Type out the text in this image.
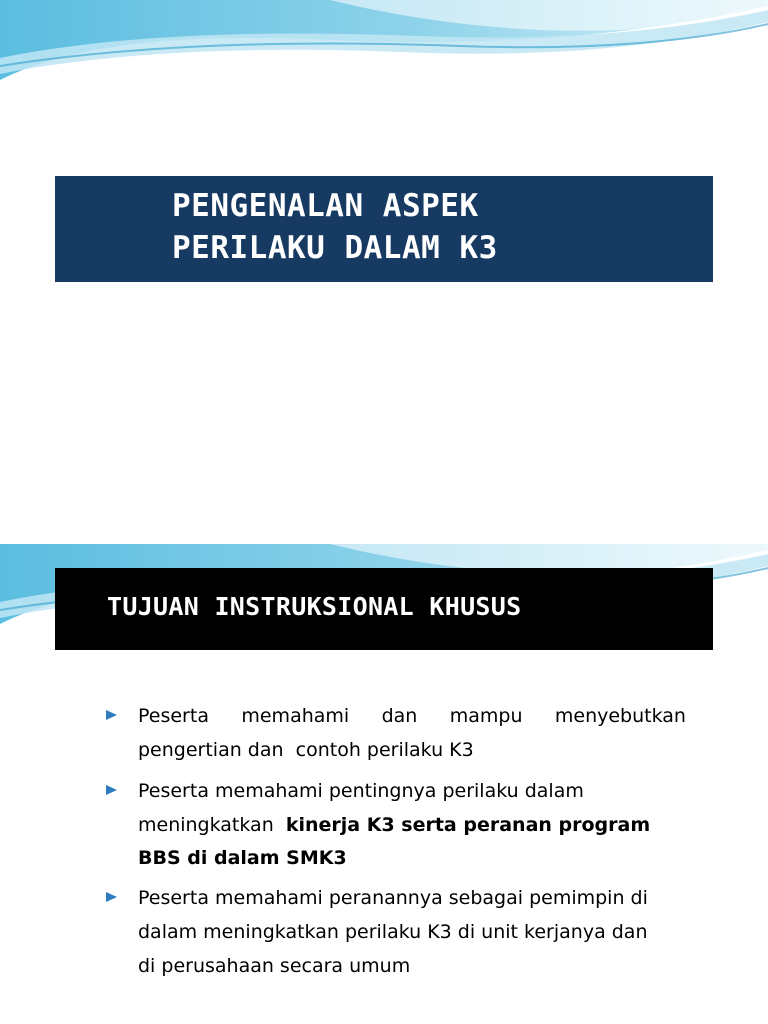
PENGENALAN ASPEK
PERILAKU DALAM K3
TUJUAN INSTRUKSIONAL KHUSUS
Peserta memahami dan mampu menyebutkan
pengertian dan  contoh perilaku K3
Peserta memahami pentingnya perilaku dalam
meningkatkan kinerja K3 serta peranan program
BBS di dalam SMK3
Peserta memahami peranannya sebagai pemimpin di
dalam meningkatkan perilaku K3 di unit kerjanya dan
di perusahaan secara umum
